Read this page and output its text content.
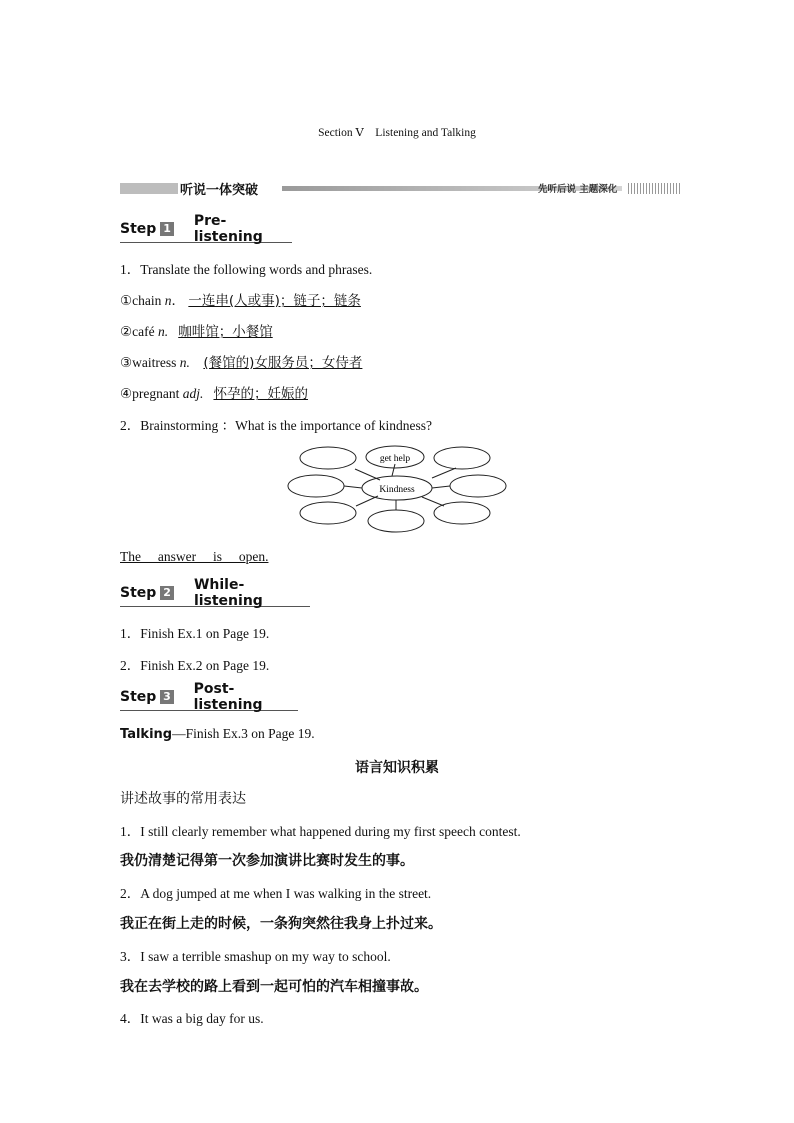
Section Ⅴ　Listening and Talking
听说一体突破	先听后说 主题深化
Step 1 Pre-listening
1．Translate the following words and phrases.
①chain n． 一连串(人或事)；链子；链条
②café n. 咖啡馆；小餐馆
③waitress n. (餐馆的)女服务员；女侍者
④pregnant adj. 怀孕的；妊娠的
2．Brainstorming ：What is the importance of kindness?
get help
Kindness
The     answer     is     open.
Step 2 While-listening
1．Finish Ex.1 on Page 19.
2．Finish Ex.2 on Page 19.
Step 3 Post-listening
Talking—Finish Ex.3 on Page 19.
语言知识积累
讲述故事的常用表达
1．I still clearly remember what happened during my first speech contest.
我仍清楚记得第一次参加演讲比赛时发生的事。
2．A dog jumped at me when I was walking in the street.
我正在街上走的时候，一条狗突然往我身上扑过来。
3．I saw a terrible smashup on my way to school.
我在去学校的路上看到一起可怕的汽车相撞事故。
4．It was a big day for us.
